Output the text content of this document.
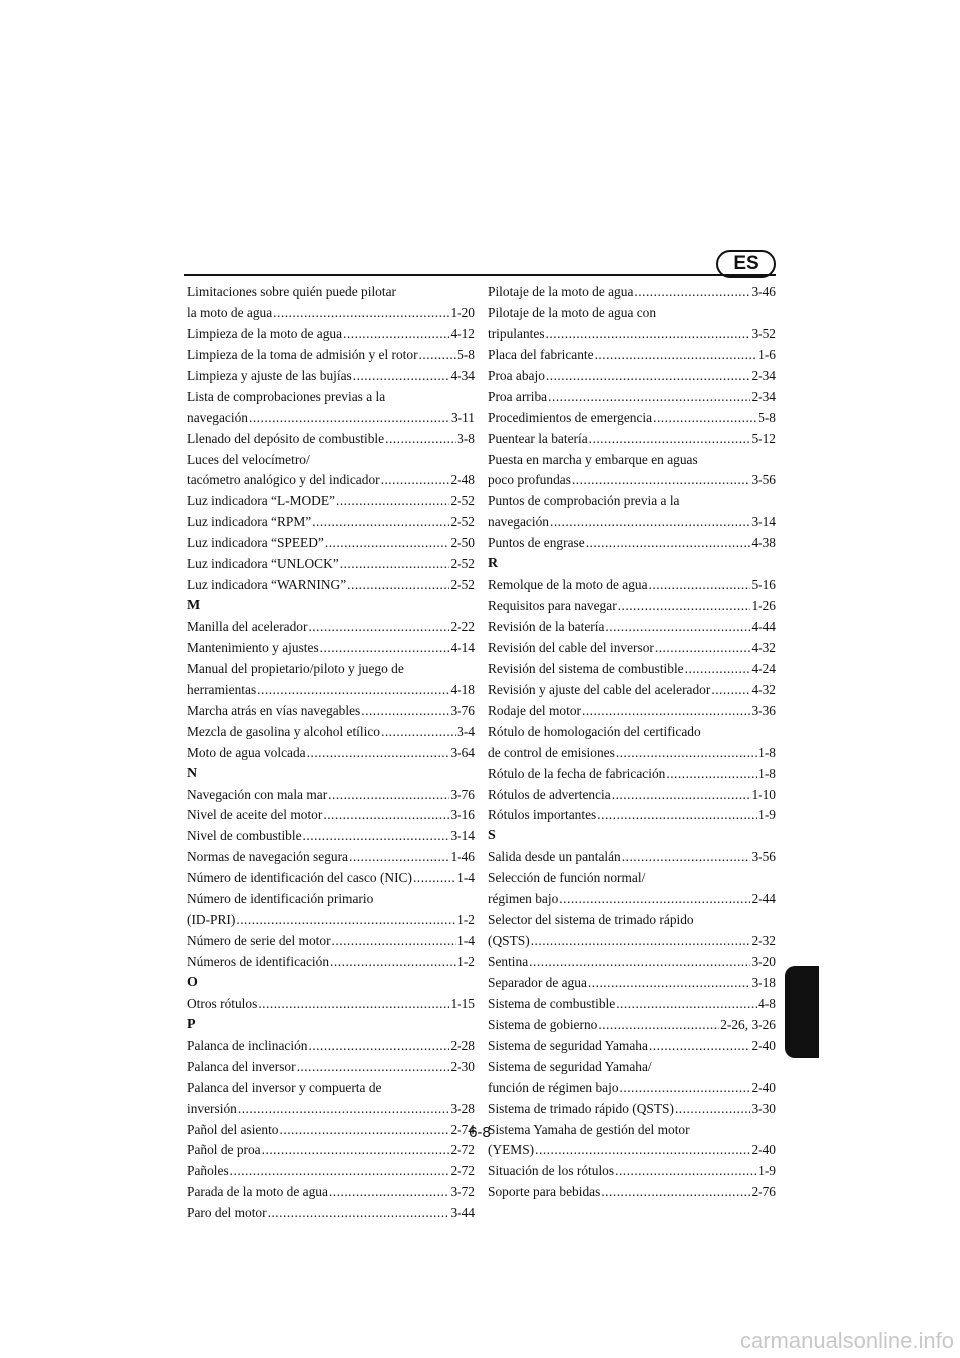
ES
Limitaciones sobre quién puede pilotar
la moto de agua .....	1-20
Limpieza de la moto de agua .....	4-12
Limpieza de la toma de admisión y el rotor .....	5-8
Limpieza y ajuste de las bujías .....	4-34
Lista de comprobaciones previas a la
navegación .....	3-11
Llenado del depósito de combustible .....	3-8
Luces del velocímetro/
tacómetro analógico y del indicador .....	2-48
Luz indicadora “L-MODE” .....	2-52
Luz indicadora “RPM” .....	2-52
Luz indicadora “SPEED” .....	2-50
Luz indicadora “UNLOCK” .....	2-52
Luz indicadora “WARNING” .....	2-52
M
Manilla del acelerador .....	2-22
Mantenimiento y ajustes .....	4-14
Manual del propietario/piloto y juego de
herramientas .....	4-18
Marcha atrás en vías navegables .....	3-76
Mezcla de gasolina y alcohol etílico .....	3-4
Moto de agua volcada .....	3-64
N
Navegación con mala mar .....	3-76
Nivel de aceite del motor .....	3-16
Nivel de combustible .....	3-14
Normas de navegación segura .....	1-46
Número de identificación del casco (NIC) .....	1-4
Número de identificación primario
(ID-PRI) .....	1-2
Número de serie del motor .....	1-4
Números de identificación .....	1-2
O
Otros rótulos .....	1-15
P
Palanca de inclinación .....	2-28
Palanca del inversor .....	2-30
Palanca del inversor y compuerta de
inversión .....	3-28
Pañol del asiento .....	2-74
Pañol de proa .....	2-72
Pañoles .....	2-72
Parada de la moto de agua .....	3-72
Paro del motor .....	3-44
Pilotaje de la moto de agua .....	3-46
Pilotaje de la moto de agua con
tripulantes .....	3-52
Placa del fabricante .....	1-6
Proa abajo .....	2-34
Proa arriba .....	2-34
Procedimientos de emergencia .....	5-8
Puentear la batería .....	5-12
Puesta en marcha y embarque en aguas
poco profundas .....	3-56
Puntos de comprobación previa a la
navegación .....	3-14
Puntos de engrase .....	4-38
R
Remolque de la moto de agua .....	5-16
Requisitos para navegar .....	1-26
Revisión de la batería .....	4-44
Revisión del cable del inversor .....	4-32
Revisión del sistema de combustible .....	4-24
Revisión y ajuste del cable del acelerador .....	4-32
Rodaje del motor .....	3-36
Rótulo de homologación del certificado
de control de emisiones .....	1-8
Rótulo de la fecha de fabricación .....	1-8
Rótulos de advertencia .....	1-10
Rótulos importantes .....	1-9
S
Salida desde un pantalán .....	3-56
Selección de función normal/
régimen bajo .....	2-44
Selector del sistema de trimado rápido
(QSTS) .....	2-32
Sentina .....	3-20
Separador de agua .....	3-18
Sistema de combustible .....	4-8
Sistema de gobierno .....	2-26, 3-26
Sistema de seguridad Yamaha .....	2-40
Sistema de seguridad Yamaha/
función de régimen bajo .....	2-40
Sistema de trimado rápido (QSTS) .....	3-30
Sistema Yamaha de gestión del motor
(YEMS) .....	2-40
Situación de los rótulos .....	1-9
Soporte para bebidas .....	2-76
6-8
carmanualsonline.info
